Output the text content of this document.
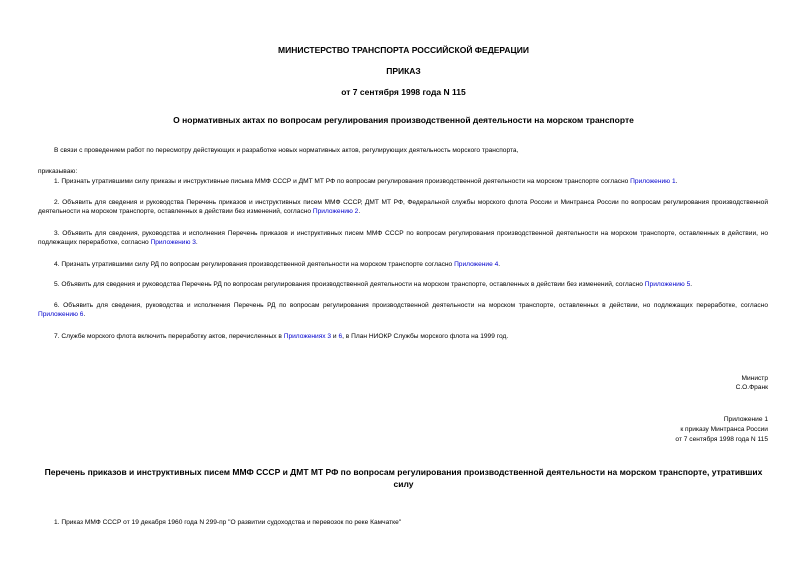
МИНИСТЕРСТВО ТРАНСПОРТА РОССИЙСКОЙ ФЕДЕРАЦИИ
ПРИКАЗ
от 7 сентября 1998 года N 115
О нормативных актах по вопросам регулирования производственной деятельности на морском транспорте
В связи с проведением работ по пересмотру действующих и разработке новых нормативных актов, регулирующих деятельность морского транспорта,
приказываю:
1. Признать утратившими силу приказы и инструктивные письма ММФ СССР и ДМТ МТ РФ по вопросам регулирования производственной деятельности на морском транспорте согласно Приложению 1.
2. Объявить для сведения и руководства Перечень приказов и инструктивных писем ММФ СССР, ДМТ МТ РФ, Федеральной службы морского флота России и Минтранса России по вопросам регулирования производственной деятельности на морском транспорте, оставленных в действии без изменений, согласно Приложению 2.
3. Объявить для сведения, руководства и исполнения Перечень приказов и инструктивных писем ММФ СССР по вопросам регулирования производственной деятельности на морском транспорте, оставленных в действии, но подлежащих переработке, согласно Приложению 3.
4. Признать утратившими силу РД по вопросам регулирования производственной деятельности на морском транспорте согласно Приложение 4.
5. Объявить для сведения и руководства Перечень РД по вопросам регулирования производственной деятельности на морском транспорте, оставленных в действии без изменений, согласно Приложению 5.
6. Объявить для сведения, руководства и исполнения Перечень РД по вопросам регулирования производственной деятельности на морском транспорте, оставленных в действии, но подлежащих переработке, согласно Приложению 6.
7. Службе морского флота включить переработку актов, перечисленных в Приложениях 3 и 6, в План НИОКР Службы морского флота на 1999 год.
Министр
С.О.Франк
Приложение 1
к приказу Минтранса России
от 7 сентября 1998 года N 115
Перечень приказов и инструктивных писем ММФ СССР и ДМТ МТ РФ по вопросам регулирования производственной деятельности на морском транспорте, утративших силу
1. Приказ ММФ СССР от 19 декабря 1960 года N 299-пр "О развитии судоходства и перевозок по реке Камчатке"
